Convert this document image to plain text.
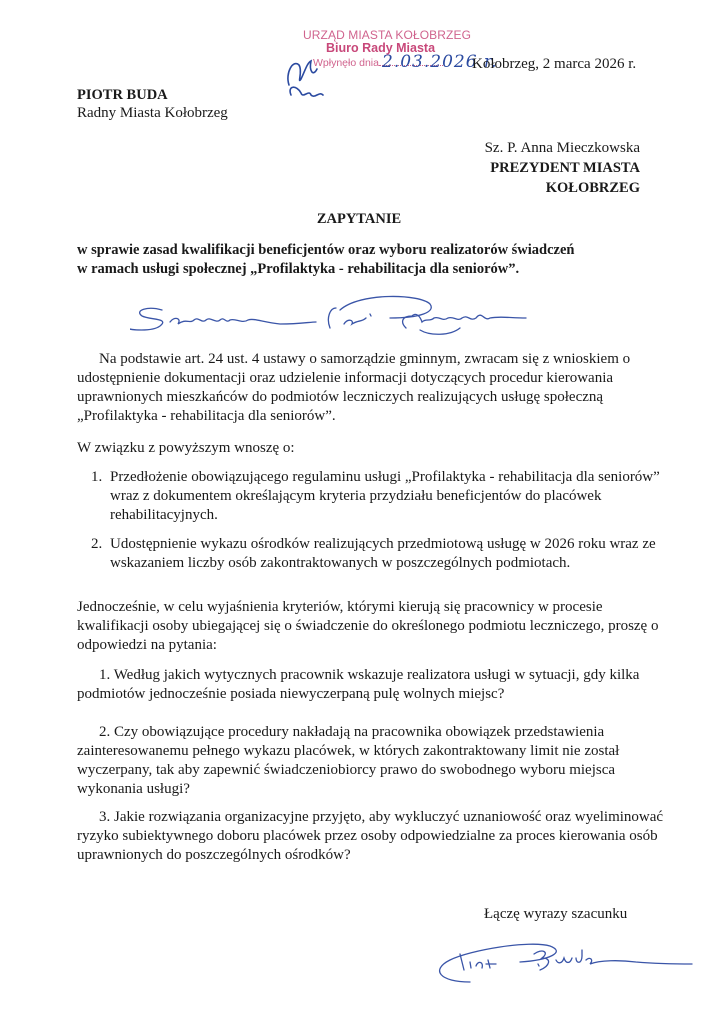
URZĄD MIASTA KOŁOBRZEG
Biuro Rady Miasta
Wpłynęło dnia 2.03.2026 r.
Kołobrzeg, 2 marca 2026 r.
PIOTR BUDA
Radny Miasta Kołobrzeg
Sz. P. Anna Mieczkowska
PREZYDENT MIASTA
KOŁOBRZEG
ZAPYTANIE
w sprawie zasad kwalifikacji beneficjentów oraz wyboru realizatorów świadczeń
w ramach usługi społecznej „Profilaktyka - rehabilitacja dla seniorów”.
Na podstawie art. 24 ust. 4 ustawy o samorządzie gminnym, zwracam się z wnioskiem o udostępnienie dokumentacji oraz udzielenie informacji dotyczących procedur kierowania uprawnionych mieszkańców do podmiotów leczniczych realizujących usługę społeczną „Profilaktyka - rehabilitacja dla seniorów”.
W związku z powyższym wnoszę o:
1. Przedłożenie obowiązującego regulaminu usługi „Profilaktyka - rehabilitacja dla seniorów” wraz z dokumentem określającym kryteria przydziału beneficjentów do placówek rehabilitacyjnych.
2. Udostępnienie wykazu ośrodków realizujących przedmiotową usługę w 2026 roku wraz ze wskazaniem liczby osób zakontraktowanych w poszczególnych podmiotach.
Jednocześnie, w celu wyjaśnienia kryteriów, którymi kierują się pracownicy w procesie kwalifikacji osoby ubiegającej się o świadczenie do określonego podmiotu leczniczego, proszę o odpowiedzi na pytania:
1. Według jakich wytycznych pracownik wskazuje realizatora usługi w sytuacji, gdy kilka podmiotów jednocześnie posiada niewyczerpaną pulę wolnych miejsc?
2. Czy obowiązujące procedury nakładają na pracownika obowiązek przedstawienia zainteresowanemu pełnego wykazu placówek, w których zakontraktowany limit nie został wyczerpany, tak aby zapewnić świadczeniobiorcy prawo do swobodnego wyboru miejsca wykonania usługi?
3. Jakie rozwiązania organizacyjne przyjęto, aby wykluczyć uznaniowość oraz wyeliminować ryzyko subiektywnego doboru placówek przez osoby odpowiedzialne za proces kierowania osób uprawnionych do poszczególnych ośrodków?
Łączę wyrazy szacunku
